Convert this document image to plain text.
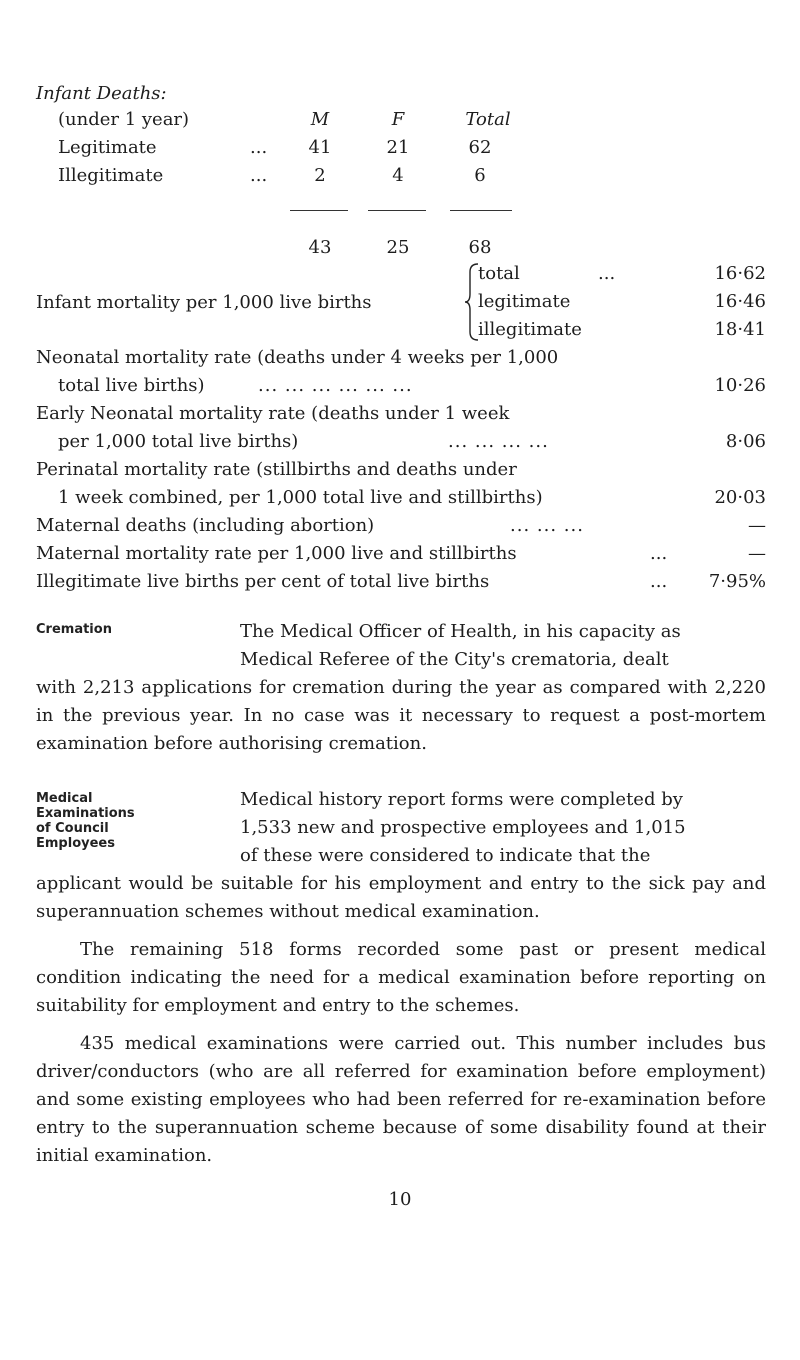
Infant Deaths:
(under 1 year)	M	F	Total
Legitimate	...	41	21	62
Illegitimate	...	2	4	6
43	25	68
Infant mortality per 1,000 live births
total	...	16·62
legitimate	16·46
illegitimate	18·41
Neonatal mortality rate (deaths under 4 weeks per 1,000
total live births)	... ... ... ... ... ...	10·26
Early Neonatal mortality rate (deaths under 1 week
per 1,000 total live births)	... ... ... ...	8·06
Perinatal mortality rate (stillbirths and deaths under
1 week combined, per 1,000 total live and stillbirths)	20·03
Maternal deaths (including abortion)	... ... ...	—
Maternal mortality rate per 1,000 live and stillbirths	...	—
Illegitimate live births per cent of total live births	...	7·95%
Cremation	The Medical Officer of Health, in his capacity as
Medical Referee of the City's crematoria, dealt
with 2,213 applications for cremation during the year as compared with 2,220 in the previous year. In no case was it necessary to request a post-mortem examination before authorising cremation.
Medical
Examinations
of Council
Employees
Medical history report forms were completed by
1,533 new and prospective employees and 1,015
of these were considered to indicate that the
applicant would be suitable for his employment and entry to the sick pay and superannuation schemes without medical examination.
The remaining 518 forms recorded some past or present medical condition indicating the need for a medical examination before reporting on suitability for employment and entry to the schemes.
435 medical examinations were carried out. This number includes bus driver/conductors (who are all referred for examination before employment) and some existing employees who had been referred for re-examination before entry to the superannuation scheme because of some disability found at their initial examination.
10
